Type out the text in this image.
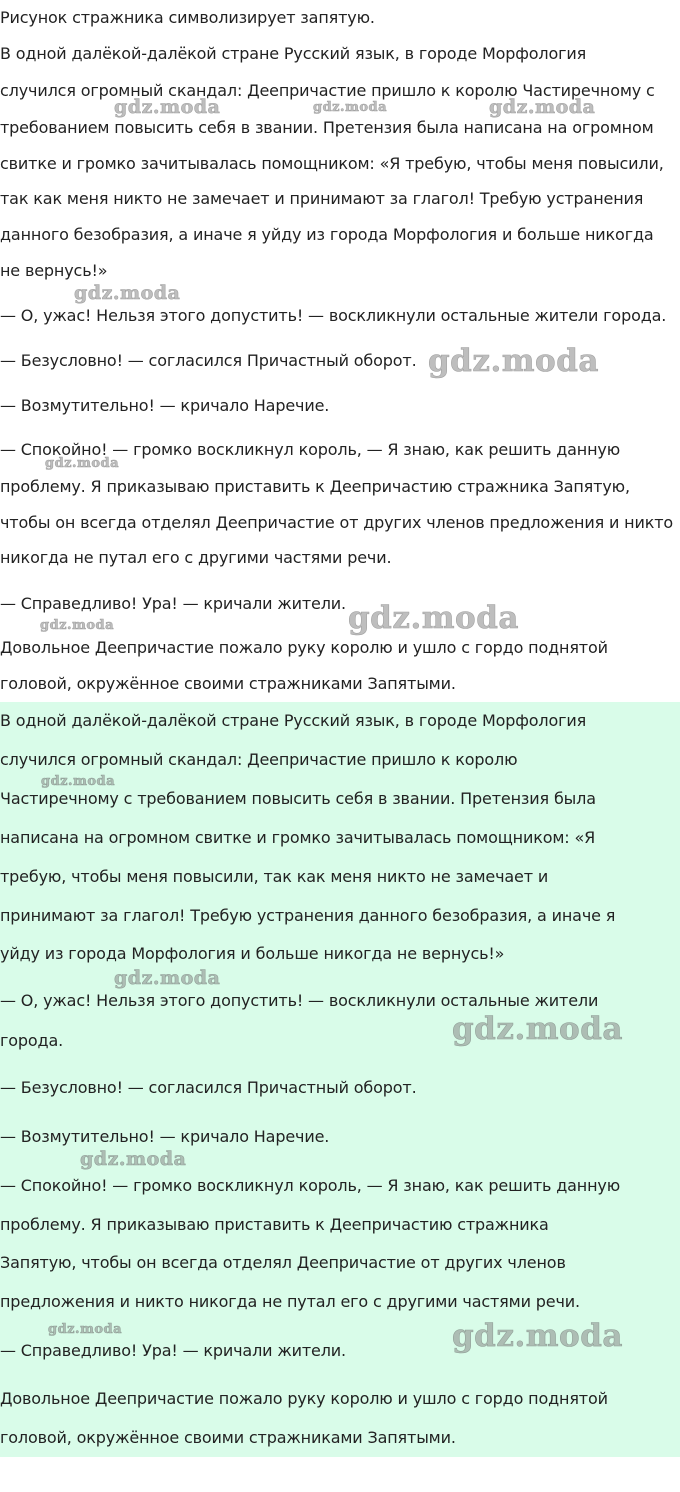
Рисунок стражника символизирует запятую.
В одной далёкой-далёкой стране Русский язык, в городе Морфология
случился огромный скандал: Деепричастие пришло к королю Частиречному с
требованием повысить себя в звании. Претензия была написана на огромном
свитке и громко зачитывалась помощником: «Я требую, чтобы меня повысили,
так как меня никто не замечает и принимают за глагол! Требую устранения
данного безобразия, а иначе я уйду из города Морфология и больше никогда
не вернусь!»
— О, ужас! Нельзя этого допустить! — воскликнули остальные жители города.
— Безусловно! — согласился Причастный оборот.
— Возмутительно! — кричало Наречие.
— Спокойно! — громко воскликнул король, — Я знаю, как решить данную
проблему. Я приказываю приставить к Деепричастию стражника Запятую,
чтобы он всегда отделял Деепричастие от других членов предложения и никто
никогда не путал его с другими частями речи.
— Справедливо! Ура! — кричали жители.
Довольное Деепричастие пожало руку королю и ушло с гордо поднятой
головой, окружённое своими стражниками Запятыми.
В одной далёкой-далёкой стране Русский язык, в городе Морфология
случился огромный скандал: Деепричастие пришло к королю
Частиречному с требованием повысить себя в звании. Претензия была
написана на огромном свитке и громко зачитывалась помощником: «Я
требую, чтобы меня повысили, так как меня никто не замечает и
принимают за глагол! Требую устранения данного безобразия, а иначе я
уйду из города Морфология и больше никогда не вернусь!»
— О, ужас! Нельзя этого допустить! — воскликнули остальные жители
города.
— Безусловно! — согласился Причастный оборот.
— Возмутительно! — кричало Наречие.
— Спокойно! — громко воскликнул король, — Я знаю, как решить данную
проблему. Я приказываю приставить к Деепричастию стражника
Запятую, чтобы он всегда отделял Деепричастие от других членов
предложения и никто никогда не путал его с другими частями речи.
— Справедливо! Ура! — кричали жители.
Довольное Деепричастие пожало руку королю и ушло с гордо поднятой
головой, окружённое своими стражниками Запятыми.
gdz.moda	gdz.moda	gdz.moda
gdz.moda
gdz.moda
gdz.moda
gdz.moda
gdz.moda
gdz.moda
gdz.moda
gdz.moda
gdz.moda
gdz.moda	gdz.moda
